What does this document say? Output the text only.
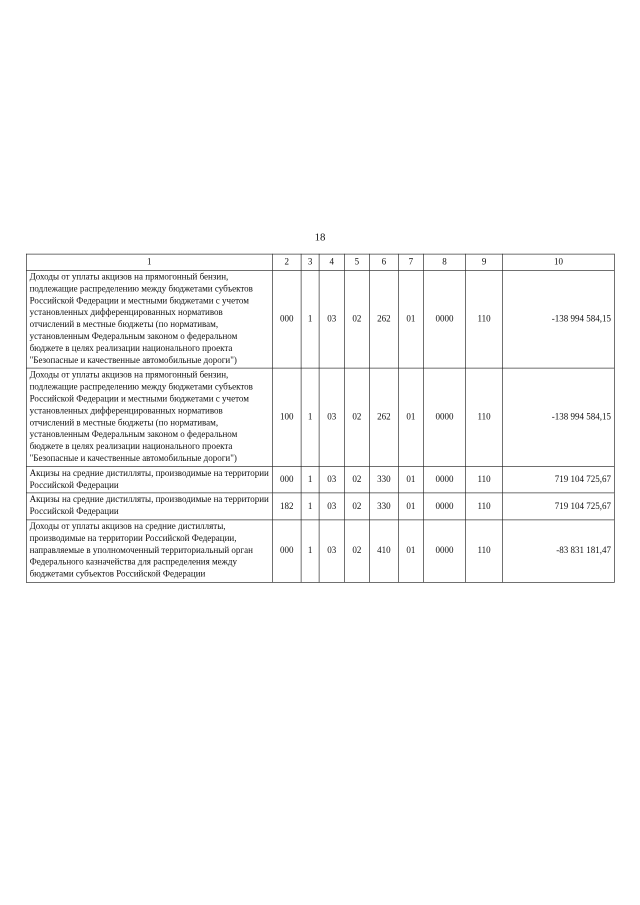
18
1	2	3	4	5	6	7	8	9	10
Доходы от уплаты акцизов на прямогонный бензин, подлежащие распределению между бюджетами субъектов Российской Федерации и местными бюджетами с учетом установленных дифференцированных нормативов отчислений в местные бюджеты (по нормативам, установленным Федеральным законом о федеральном бюджете в целях реализации национального проекта "Безопасные и качественные автомобильные дороги")	000	1	03	02	262	01	0000	110	-138 994 584,15
Доходы от уплаты акцизов на прямогонный бензин, подлежащие распределению между бюджетами субъектов Российской Федерации и местными бюджетами с учетом установленных дифференцированных нормативов отчислений в местные бюджеты (по нормативам, установленным Федеральным законом о федеральном бюджете в целях реализации национального проекта "Безопасные и качественные автомобильные дороги")	100	1	03	02	262	01	0000	110	-138 994 584,15
Акцизы на средние дистилляты, производимые на территории Российской Федерации	000	1	03	02	330	01	0000	110	719 104 725,67
Акцизы на средние дистилляты, производимые на территории Российской Федерации	182	1	03	02	330	01	0000	110	719 104 725,67
Доходы от уплаты акцизов на средние дистилляты, производимые на территории Российской Федерации, направляемые в уполномоченный территориальный орган Федерального казначейства для распределения между бюджетами субъектов Российской Федерации	000	1	03	02	410	01	0000	110	-83 831 181,47
